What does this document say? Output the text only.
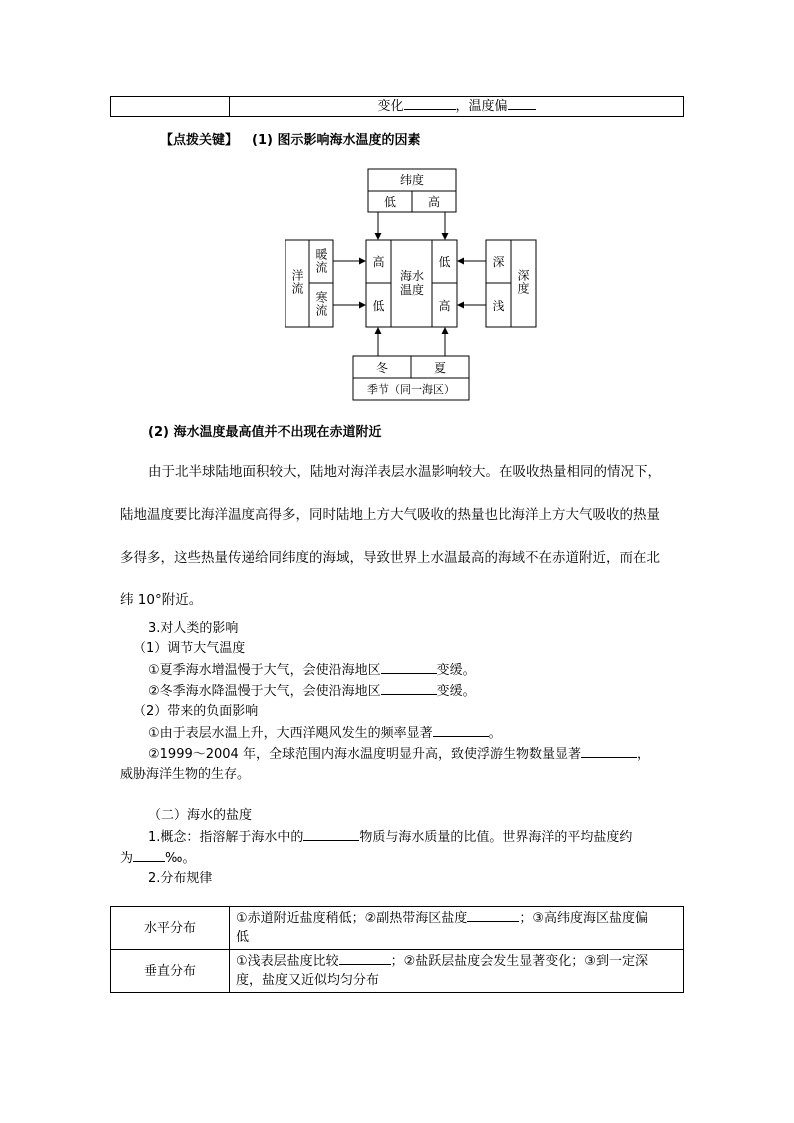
变化	，温度偏
【点拨关键】 (1) 图示影响海水温度的因素
纬度
低	高
洋流
暖流
寒流
高
低
海水温度
低
高
深
浅
深度
冬	夏
季节（同一海区）
(2) 海水温度最高值并不出现在赤道附近
由于北半球陆地面积较大，陆地对海洋表层水温影响较大。在吸收热量相同的情况下，
陆地温度要比海洋温度高得多，同时陆地上方大气吸收的热量也比海洋上方大气吸收的热量
多得多，这些热量传递给同纬度的海域，导致世界上水温最高的海域不在赤道附近，而在北
纬 10°附近。
3.对人类的影响
（1）调节大气温度
①夏季海水增温慢于大气，会使沿海地区	变缓。
②冬季海水降温慢于大气，会使沿海地区	变缓。
（2）带来的负面影响
①由于表层水温上升，大西洋飓风发生的频率显著	。
②1999～2004 年，全球范围内海水温度明显升高，致使浮游生物数量显著	，
威胁海洋生物的生存。
（二）海水的盐度
1.概念：指溶解于海水中的	物质与海水质量的比值。世界海洋的平均盐度约
为 ‰。
2.分布规律
水平分布	①赤道附近盐度稍低；②副热带海区盐度 ；③高纬度海区盐度偏
低
垂直分布	①浅表层盐度比较 ；②盐跃层盐度会发生显著变化；③到一定深
度，盐度又近似均匀分布
